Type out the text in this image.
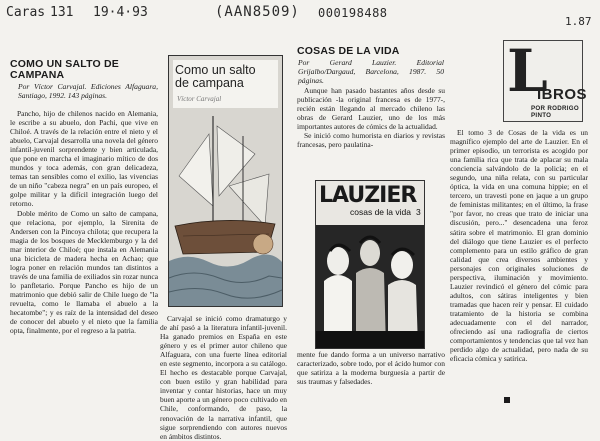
Caras 131 19·4·93	(AAN8509) 000198488
1.87
COMO UN SALTO DE
CAMPANA
Por Víctor Carvajal. Ediciones Alfaguara, Santiago, 1992. 143 páginas.

Pancho, hijo de chilenos nacido en Alemania, le escribe a su abuelo, don Pachi, que vive en Chiloé. A través de la relación entre el nieto y el abuelo, Carvajal desarrolla una novela del género infantil-juvenil sorprendente y bien articulada, que pone en marcha el imaginario mítico de dos mundos y toca además, con gran delicadeza, temas tan sensibles como el exilio, las vivencias de un niño "cabeza negra" en un país europeo, el golpe militar y la difícil integración luego del retorno.

Doble mérito de Como un salto de campana, que relaciona, por ejemplo, la Sirenita de Andersen con la Pincoya chilota; que recupera la magia de los bosques de Mecklemburgo y la del mar interior de Chiloé; que instala en Alemania una bicicleta de madera hecha en Achao; que logra poner en relación mundos tan distintos a través de una familia de exiliados sin rozar nunca lo panfletario. Porque Pancho es hijo de un matrimonio que debió salir de Chile luego de "la revuelta, como le llamaba el abuelo a la hecatombe"; y es raíz de la intensidad del deseo de conocer del abuelo y el nieto que la familia opta, finalmente, por el regreso a la patria.

Carvajal se inició como dramaturgo y de ahí pasó a la literatura infantil-juvenil. Ha ganado premios en España en este género y es el primer autor chileno que Alfaguara, con una fuerte línea editorial en este segmento, incorpora a su catálogo. El hecho es destacable porque Carvajal, con buen estilo y gran habilidad para inventar y contar historias, hace un muy buen aporte a un género poco cultivado en Chile, conformando, de paso, la renovación de la narrativa infantil, que sigue sorprendiendo con autores nuevos en ámbitos distintos.

Como un salto
de campana
Víctor Carvajal
COSAS DE LA VIDA
Por Gerard Lauzier. Editorial Grijalbo/Dargaud, Barcelona, 1987. 50 páginas.

Aunque han pasado bastantes años desde su publicación -la original francesa es de 1977-, recién están llegando al mercado chileno las obras de Gerard Lauzier, uno de los más importantes autores de cómics de la actualidad.

Se inició como humorista en diarios y revistas francesas, pero paulatina-

mente fue dando forma a un universo narrativo caracterizado, sobre todo, por el ácido humor con que satiriza a la moderna burguesía a partir de sus traumas y falsedades.

LAUZIER
cosas de la vida 3
L
IBROS
POR RODRIGO PINTO

El tomo 3 de Cosas de la vida es un magnífico ejemplo del arte de Lauzier. En el primer episodio, un terrorista es acogido por una familia rica que trata de aplacar su mala conciencia salvándolo de la policía; en el segundo, una niña relata, con su particular óptica, la vida en una comuna hippie; en el tercero, un travesti pone en jaque a un grupo de feministas militantes; en el último, la frase "por favor, no creas que trato de iniciar una discusión, pero..." desencadena una feroz sátira sobre el matrimonio. El gran dominio del diálogo que tiene Lauzier es el perfecto complemento para un estilo gráfico de gran calidad que crea diversos ambientes y personajes con originales soluciones de perspectiva, iluminación y movimiento. Lauzier revindicó el género del cómic para adultos, con sátiras inteligentes y bien tramadas que hacen reír y pensar. El cuidado tratamiento de la historia se combina adecuadamente con el del narrador, ofreciendo así una radiografía de ciertos comportamientos y tendencias que tal vez han perdido algo de actualidad, pero nada de su eficacia cómica y satírica.
